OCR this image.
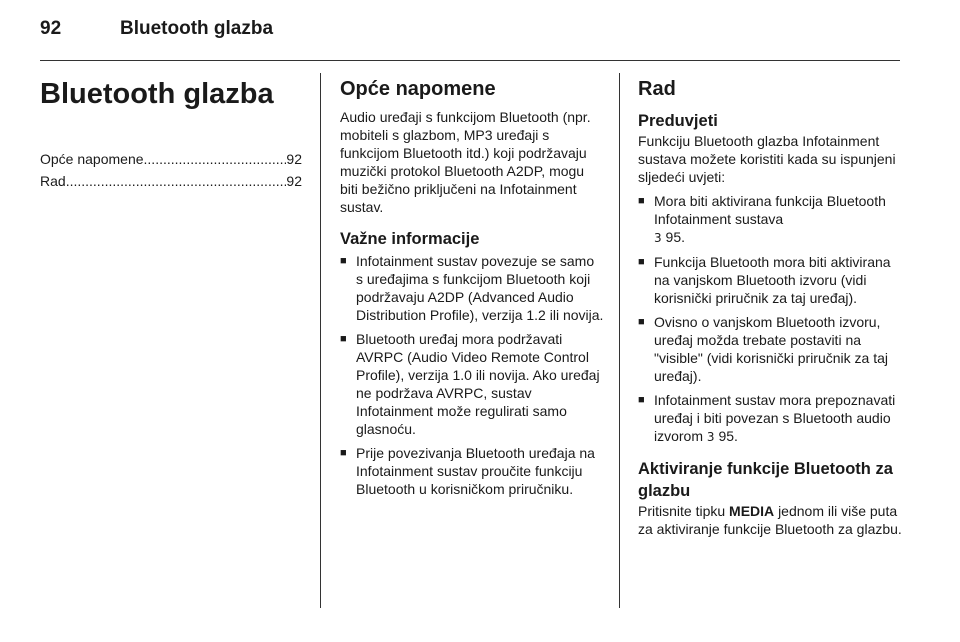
92	Bluetooth glazba
Bluetooth glazba
Opće napomene .....	92
Rad .....	92
Opće napomene

Audio uređaji s funkcijom Bluetooth (npr. mobiteli s glazbom, MP3 uređaji s funkcijom Bluetooth itd.) koji podržavaju muzički protokol Bluetooth A2DP, mogu biti bežično priključeni na Infotainment sustav.

Važne informacije
■ Infotainment sustav povezuje se samo s uređajima s funkcijom Bluetooth koji podržavaju A2DP (Advanced Audio Distribution Profile), verzija 1.2 ili novija.
■ Bluetooth uređaj mora podržavati AVRPC (Audio Video Remote Control Profile), verzija 1.0 ili novija. Ako uređaj ne podržava AVRPC, sustav Infotainment može regulirati samo glasnoću.
■ Prije povezivanja Bluetooth uređaja na Infotainment sustav proučite funkciju Bluetooth u korisničkom priručniku.
Rad
Preduvjeti

Funkciju Bluetooth glazba Infotainment sustava možete koristiti kada su ispunjeni sljedeći uvjeti:

■ Mora biti aktivirana funkcija Bluetooth Infotainment sustava
3 95.
■ Funkcija Bluetooth mora biti aktivirana na vanjskom Bluetooth izvoru (vidi korisnički priručnik za taj uređaj).
■ Ovisno o vanjskom Bluetooth izvoru, uređaj možda trebate postaviti na "visible" (vidi korisnički priručnik za taj uređaj).
■ Infotainment sustav mora prepoznavati uređaj i biti povezan s Bluetooth audio izvorom 3 95.
Aktiviranje funkcije Bluetooth za glazbu

Pritisnite tipku MEDIA jednom ili više puta za aktiviranje funkcije Bluetooth za glazbu.
